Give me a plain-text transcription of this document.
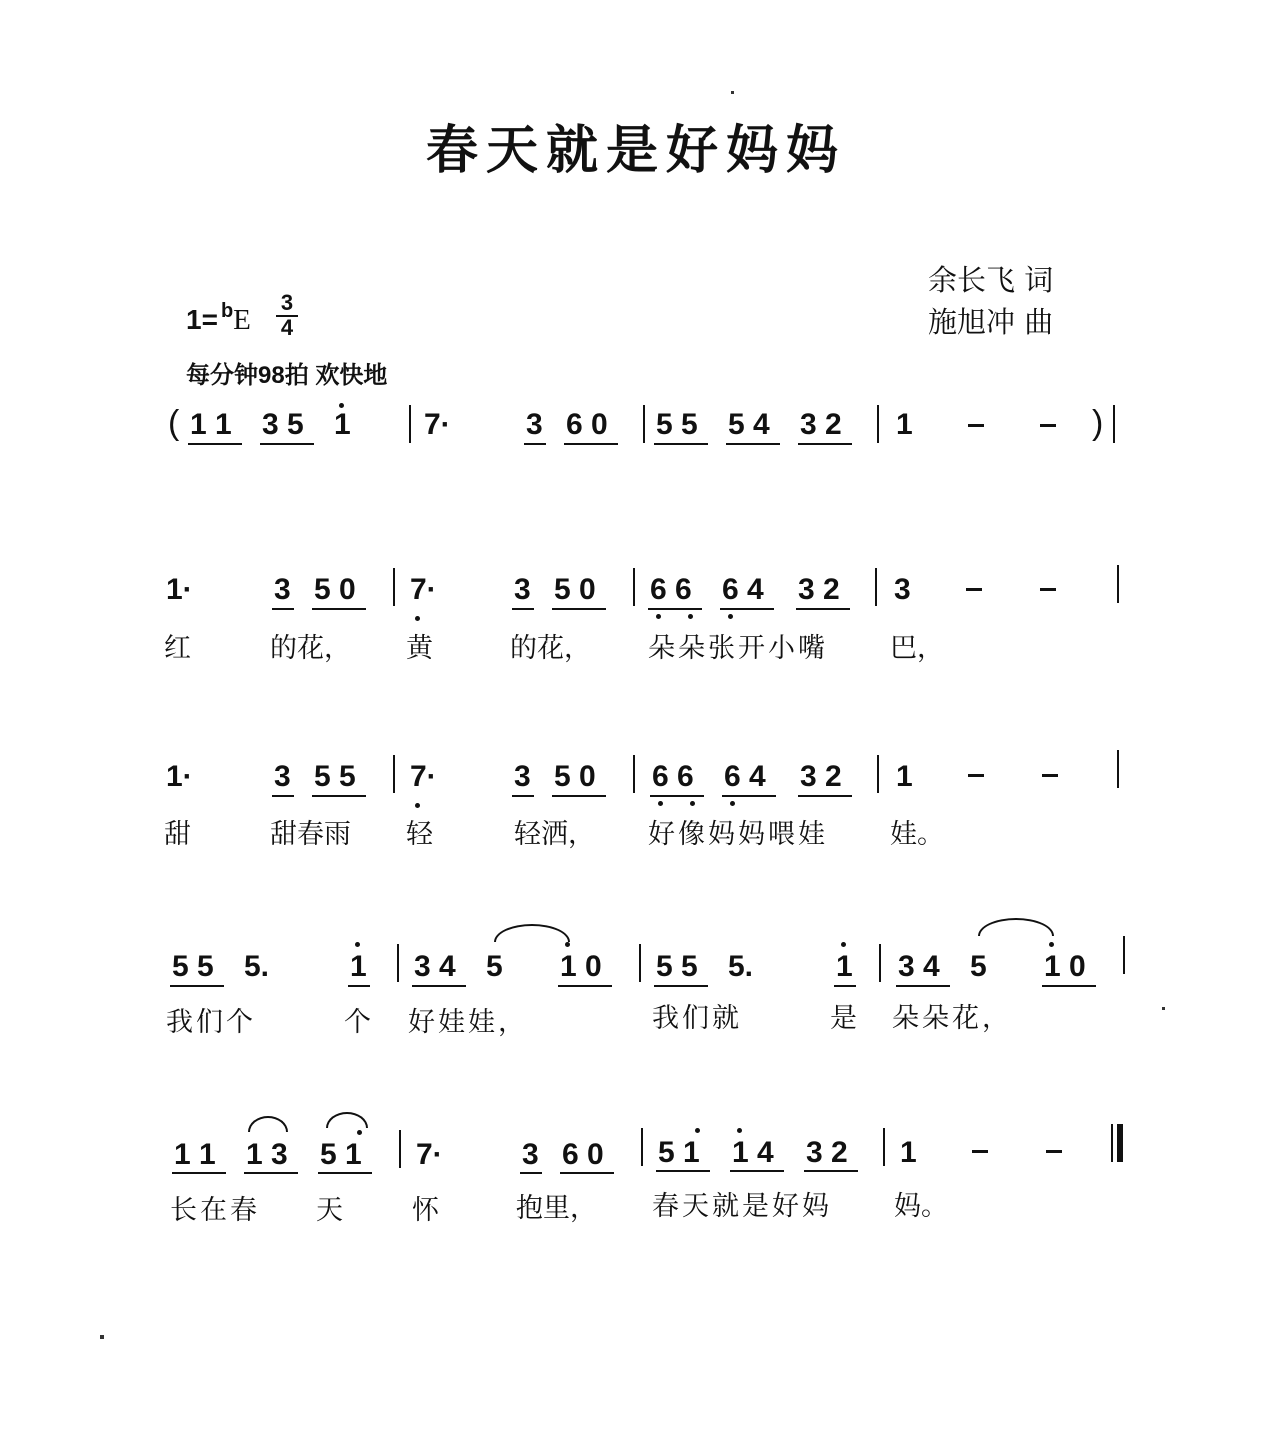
春天就是好妈妈
余长飞 词
施旭冲 曲
1= $^b$E
3
4
每分钟98拍 欢快地
( 1 1 3 5 1 7·	3 6 0 5 5 5 4 3 2 1	)
1·	3 5 0 7·	3 5 0 6 6 6 4 3 2 3
红	的花， 黄	的花， 朵朵张开小嘴 巴，
1·	3 5 5 7·	3 5 0 6 6 6 4 3 2 1
甜	甜春雨 轻	轻洒， 好像妈妈喂娃 娃。
5 5 5.	1 3 4 5 1 0 5 5 5.	1 3 4 5 1 0
我们个	个 好娃娃，	我们就	是 朵朵花，
1 1 1 3 5 1 7·	3 6 0 5 1 1 4 3 2 1
长在春 天	怀	抱里， 春天就是好妈 妈。
